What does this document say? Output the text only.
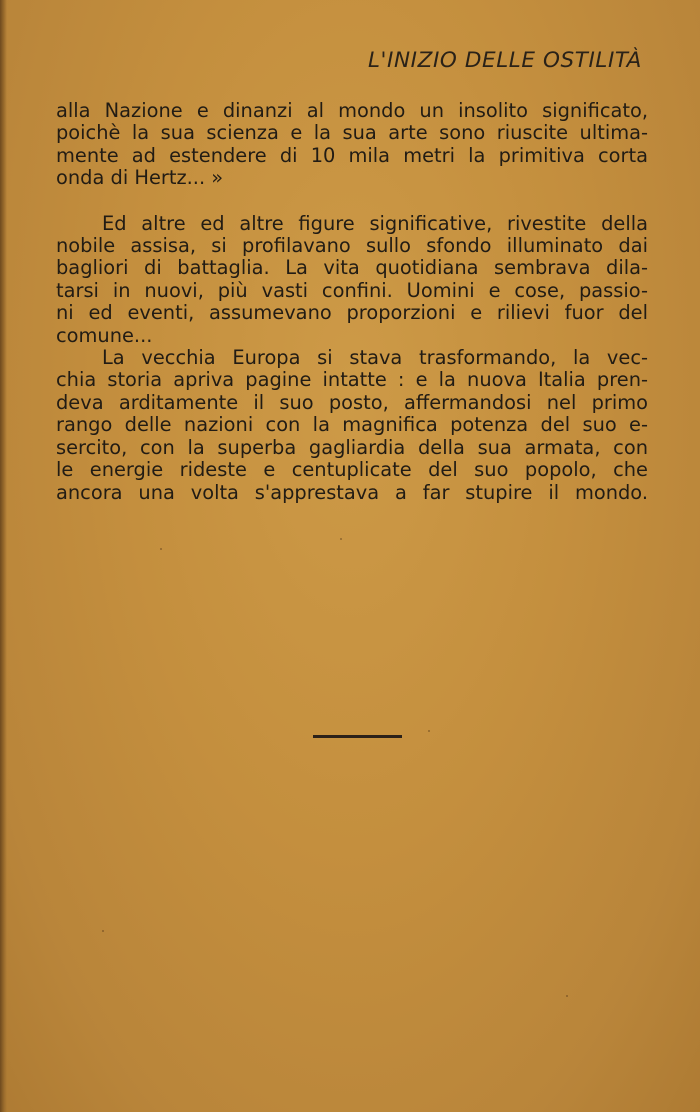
L'INIZIO DELLE OSTILITÀ
alla Nazione e dinanzi al mondo un insolito significato,
poichè la sua scienza e la sua arte sono riuscite ultima-
mente ad estendere di 10 mila metri la primitiva corta
onda di Hertz... »
Ed altre ed altre figure significative, rivestite della
nobile assisa, si profilavano sullo sfondo illuminato dai
bagliori di battaglia. La vita quotidiana sembrava dila-
tarsi in nuovi, più vasti confini. Uomini e cose, passio-
ni ed eventi, assumevano proporzioni e rilievi fuor del
comune...
La vecchia Europa si stava trasformando, la vec-
chia storia apriva pagine intatte : e la nuova Italia pren-
deva arditamente il suo posto, affermandosi nel primo
rango delle nazioni con la magnifica potenza del suo e-
sercito, con la superba gagliardia della sua armata, con
le energie rideste e centuplicate del suo popolo, che
ancora una volta s'apprestava a far stupire il mondo.
